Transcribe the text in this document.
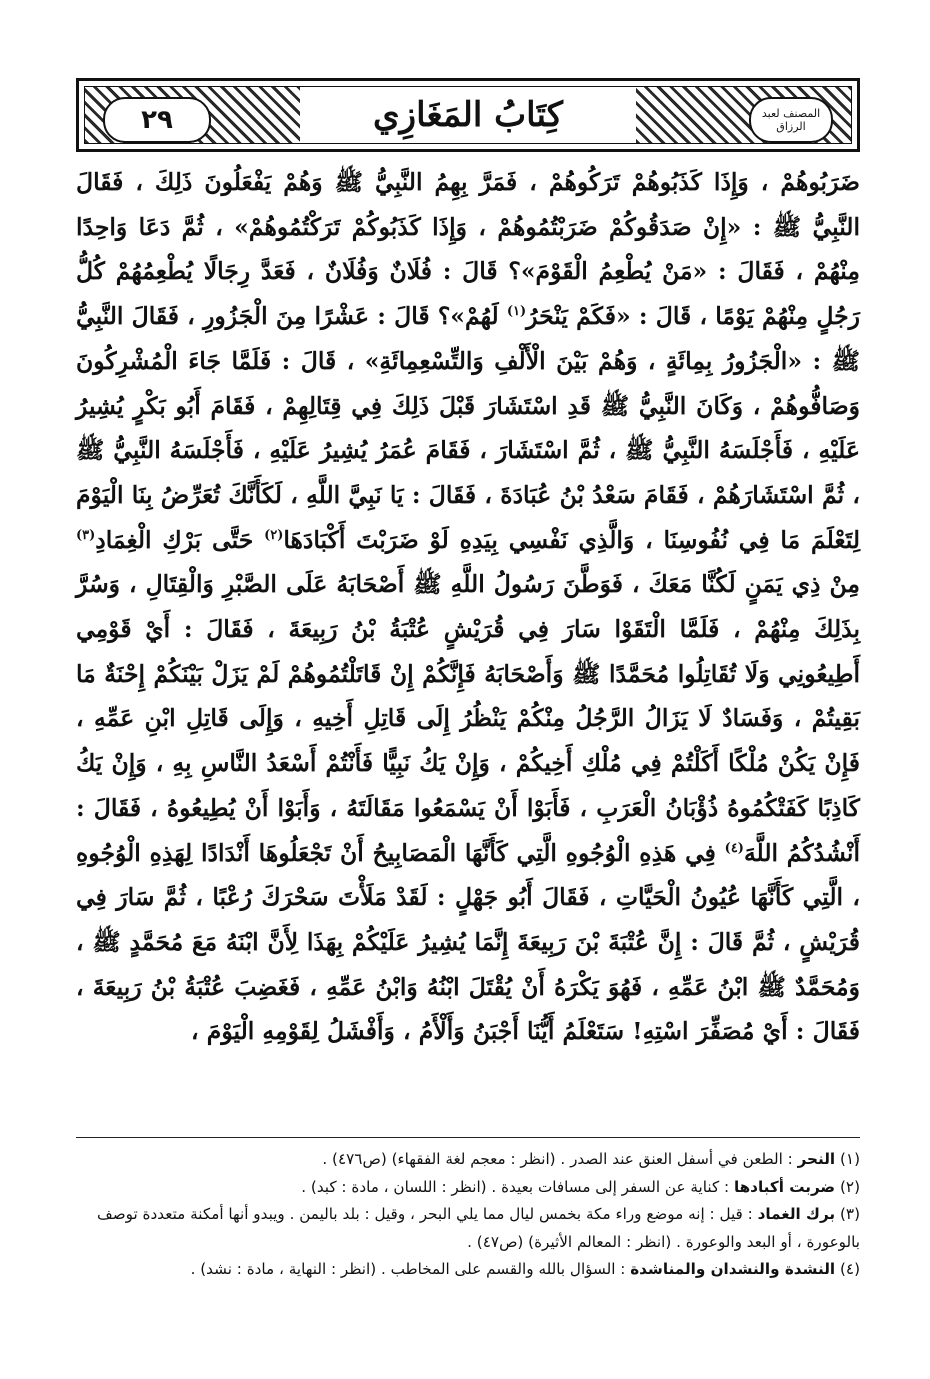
٢٩	المصنف لعبد الرزاق
كِتَابُ المَغَازِي

ضَرَبُوهُمْ ، وَإِذَا كَذَبُوهُمْ تَرَكُوهُمْ ، فَمَرَّ بِهِمُ النَّبِيُّ ﷺ وَهُمْ يَفْعَلُونَ ذَلِكَ ، فَقَالَ النَّبِيُّ ﷺ : «إِنْ صَدَقُوكُمْ ضَرَبْتُمُوهُمْ ، وَإِذَا كَذَبُوكُمْ تَرَكْتُمُوهُمْ» ، ثُمَّ دَعَا وَاحِدًا مِنْهُمْ ، فَقَالَ : «مَنْ يُطْعِمُ الْقَوْمَ»؟ قَالَ : فُلَانٌ وَفُلَانٌ ، فَعَدَّ رِجَالًا يُطْعِمُهُمْ كُلُّ رَجُلٍ مِنْهُمْ يَوْمًا ، قَالَ : «فَكَمْ يَنْحَرُ$^{(١)}$ لَهُمْ»؟ قَالَ : عَشْرًا مِنَ الْجَزُورِ ، فَقَالَ النَّبِيُّ ﷺ : «الْجَزُورُ بِمِائَةٍ ، وَهُمْ بَيْنَ الْأَلْفِ وَالتِّسْعِمِائَةِ» ، قَالَ : فَلَمَّا جَاءَ الْمُشْرِكُونَ وَصَافُّوهُمْ ، وَكَانَ النَّبِيُّ ﷺ قَدِ اسْتَشَارَ قَبْلَ ذَلِكَ فِي قِتَالِهِمْ ، فَقَامَ أَبُو بَكْرٍ يُشِيرُ عَلَيْهِ ، فَأَجْلَسَهُ النَّبِيُّ ﷺ ، ثُمَّ اسْتَشَارَ ، فَقَامَ عُمَرُ يُشِيرُ عَلَيْهِ ، فَأَجْلَسَهُ النَّبِيُّ ﷺ ، ثُمَّ اسْتَشَارَهُمْ ، فَقَامَ سَعْدُ بْنُ عُبَادَةَ ، فَقَالَ : يَا نَبِيَّ اللَّهِ ، لَكَأَنَّكَ تُعَرِّضُ بِنَا الْيَوْمَ لِتَعْلَمَ مَا فِي نُفُوسِنَا ، وَالَّذِي نَفْسِي بِيَدِهِ لَوْ ضَرَبْتَ أَكْبَادَهَا$^{(٢)}$ حَتَّى بَرْكِ الْغِمَادِ$^{(٣)}$ مِنْ ذِي يَمَنٍ لَكُنَّا مَعَكَ ، فَوَطَّنَ رَسُولُ اللَّهِ ﷺ أَصْحَابَهُ عَلَى الصَّبْرِ وَالْقِتَالِ ، وَسُرَّ بِذَلِكَ مِنْهُمْ ، فَلَمَّا الْتَقَوْا سَارَ فِي قُرَيْشٍ عُتْبَةُ بْنُ رَبِيعَةَ ، فَقَالَ : أَيْ قَوْمِي أَطِيعُونِي وَلَا تُقَاتِلُوا مُحَمَّدًا ﷺ وَأَصْحَابَهُ فَإِنَّكُمْ إِنْ قَاتَلْتُمُوهُمْ لَمْ يَزَلْ بَيْنَكُمْ إِحْنَةٌ مَا بَقِيتُمْ ، وَفَسَادٌ لَا يَزَالُ الرَّجُلُ مِنْكُمْ يَنْظُرُ إِلَى قَاتِلِ أَخِيهِ ، وَإِلَى قَاتِلِ ابْنِ عَمِّهِ ، فَإِنْ يَكُنْ مُلْكًا أَكَلْتُمْ فِي مُلْكِ أَخِيكُمْ ، وَإِنْ يَكُ نَبِيًّا فَأَنْتُمْ أَسْعَدُ النَّاسِ بِهِ ، وَإِنْ يَكُ كَاذِبًا كَفَتْكُمُوهُ ذُؤْبَانُ الْعَرَبِ ، فَأَبَوْا أَنْ يَسْمَعُوا مَقَالَتَهُ ، وَأَبَوْا أَنْ يُطِيعُوهُ ، فَقَالَ : أَنْشُدُكُمُ اللَّهَ$^{(٤)}$ فِي هَذِهِ الْوُجُوهِ الَّتِي كَأَنَّهَا الْمَصَابِيحُ أَنْ تَجْعَلُوهَا أَنْدَادًا لِهَذِهِ الْوُجُوهِ ، الَّتِي كَأَنَّهَا عُيُونُ الْحَيَّاتِ ، فَقَالَ أَبُو جَهْلٍ : لَقَدْ مَلَأْتَ سَحْرَكَ رُعْبًا ، ثُمَّ سَارَ فِي قُرَيْشٍ ، ثُمَّ قَالَ : إِنَّ عُتْبَةَ بْنَ رَبِيعَةَ إِنَّمَا يُشِيرُ عَلَيْكُمْ بِهَذَا لِأَنَّ ابْنَهُ مَعَ مُحَمَّدٍ ﷺ ، وَمُحَمَّدٌ ﷺ ابْنُ عَمِّهِ ، فَهُوَ يَكْرَهُ أَنْ يُقْتَلَ ابْنُهُ وَابْنُ عَمِّهِ ، فَغَضِبَ عُتْبَةُ بْنُ رَبِيعَةَ ، فَقَالَ : أَيْ مُصَفِّرَ اسْتِهِ! سَتَعْلَمُ أَيُّنَا أَجْبَنُ وَأَلْأَمُ ، وَأَفْشَلُ لِقَوْمِهِ الْيَوْمَ ،

(١) النحر : الطعن في أسفل العنق عند الصدر . (انظر : معجم لغة الفقهاء) (ص٤٧٦) .

(٢) ضربت أكبادها : كناية عن السفر إلى مسافات بعيدة . (انظر : اللسان ، مادة : كبد) .

(٣) برك الغماد : قيل : إنه موضع وراء مكة بخمس ليال مما يلي البحر ، وقيل : بلد باليمن . ويبدو أنها أمكنة متعددة توصف بالوعورة ، أو البعد والوعورة . (انظر : المعالم الأثيرة) (ص٤٧) .

(٤) النشدة والنشدان والمناشدة : السؤال بالله والقسم على المخاطب . (انظر : النهاية ، مادة : نشد) .
